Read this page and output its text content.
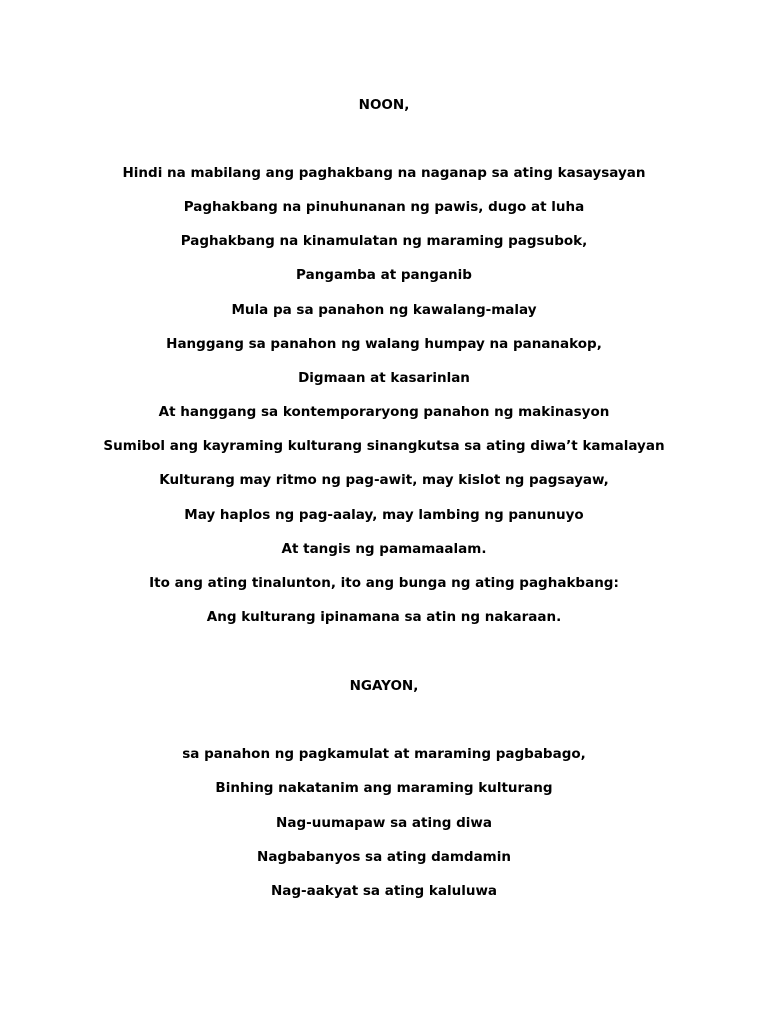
NOON,
Hindi na mabilang ang paghakbang na naganap sa ating kasaysayan
Paghakbang na pinuhunanan ng pawis, dugo at luha
Paghakbang na kinamulatan ng maraming pagsubok,
Pangamba at panganib
Mula pa sa panahon ng kawalang-malay
Hanggang sa panahon ng walang humpay na pananakop,
Digmaan at kasarinlan
At hanggang sa kontemporaryong panahon ng makinasyon
Sumibol ang kayraming kulturang sinangkutsa sa ating diwa’t kamalayan
Kulturang may ritmo ng pag-awit, may kislot ng pagsayaw,
May haplos ng pag-aalay, may lambing ng panunuyo
At tangis ng pamamaalam.
Ito ang ating tinalunton, ito ang bunga ng ating paghakbang:
Ang kulturang ipinamana sa atin ng nakaraan.
NGAYON,
sa panahon ng pagkamulat at maraming pagbabago,
Binhing nakatanim ang maraming kulturang
Nag-uumapaw sa ating diwa
Nagbabanyos sa ating damdamin
Nag-aakyat sa ating kaluluwa
